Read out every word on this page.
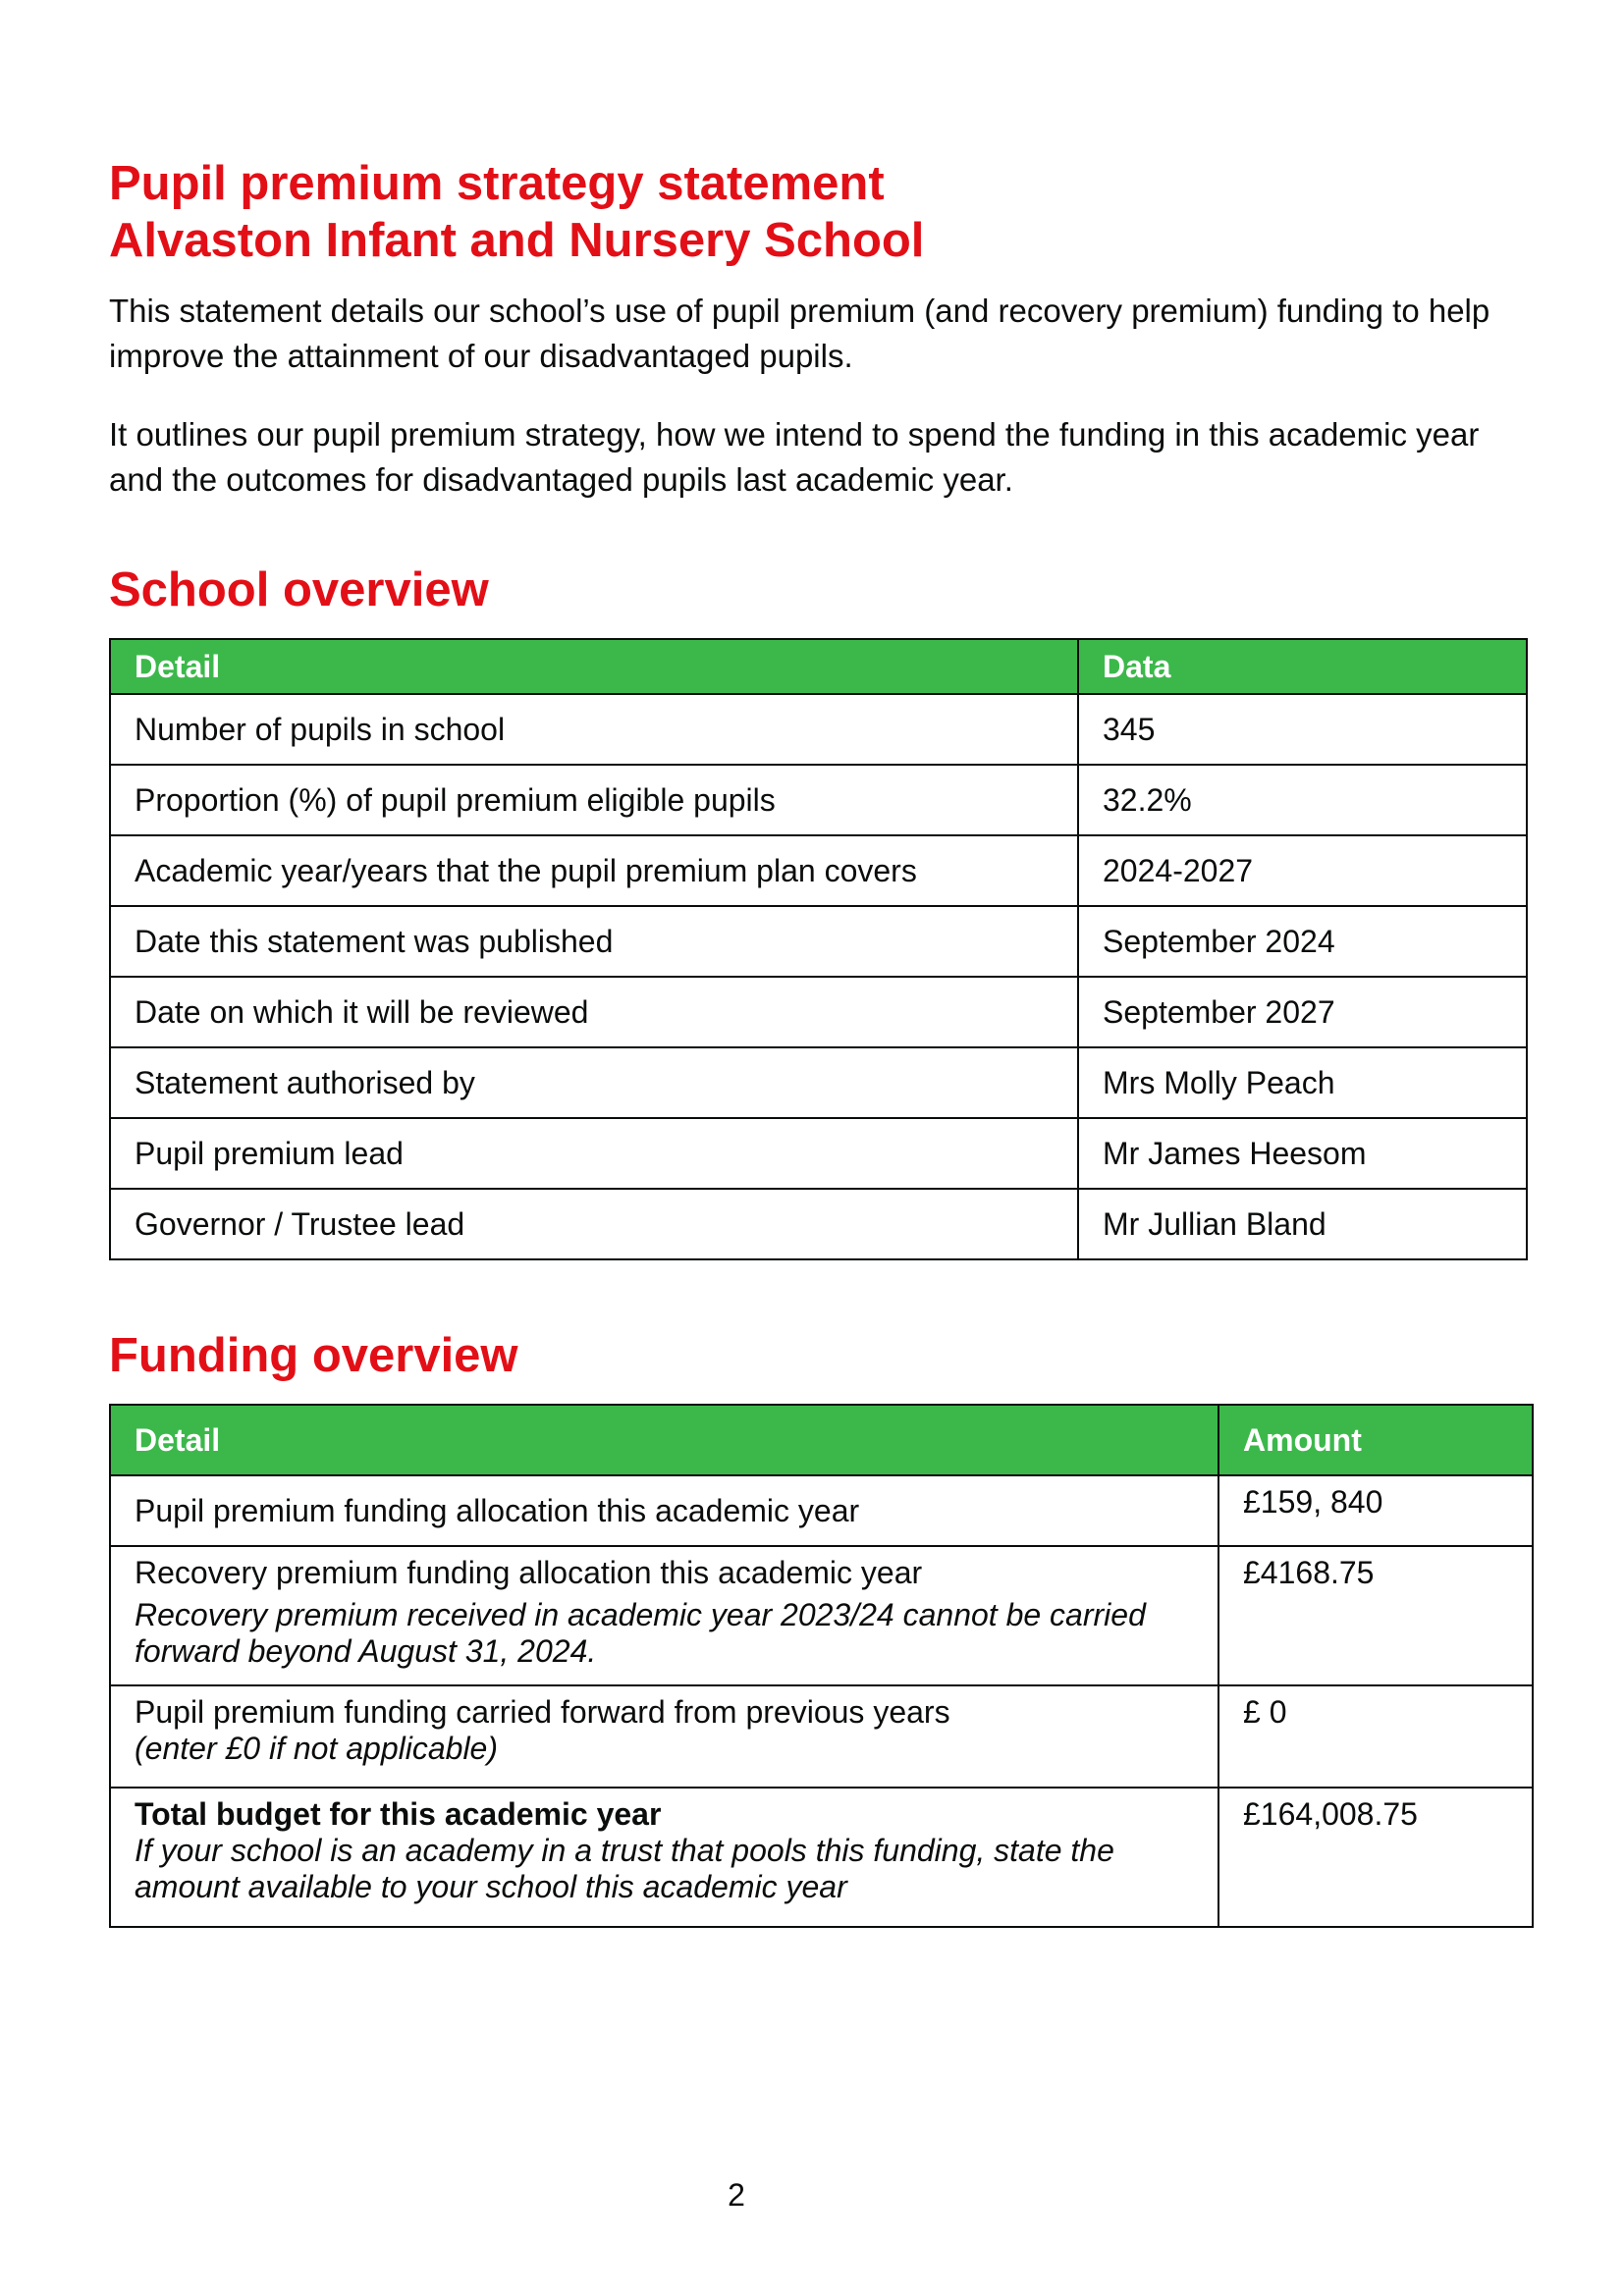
Pupil premium strategy statement
Alvaston Infant and Nursery School

This statement details our school’s use of pupil premium (and recovery premium) funding to help improve the attainment of our disadvantaged pupils.

It outlines our pupil premium strategy, how we intend to spend the funding in this academic year and the outcomes for disadvantaged pupils last academic year.

School overview
Detail	Data
Number of pupils in school	345
Proportion (%) of pupil premium eligible pupils	32.2%
Academic year/years that the pupil premium plan covers	2024-2027
Date this statement was published	September 2024
Date on which it will be reviewed	September 2027
Statement authorised by	Mrs Molly Peach
Pupil premium lead	Mr James Heesom
Governor / Trustee lead	Mr Jullian Bland
Funding overview
Detail	Amount
Pupil premium funding allocation this academic year	£159, 840

Recovery premium funding allocation this academic year
Recovery premium received in academic year 2023/24 cannot be carried forward beyond August 31, 2024.	£4168.75

Pupil premium funding carried forward from previous years
(enter £0 if not applicable)	£ 0

Total budget for this academic year
If your school is an academy in a trust that pools this funding, state the amount available to your school this academic year	£164,008.75
2
